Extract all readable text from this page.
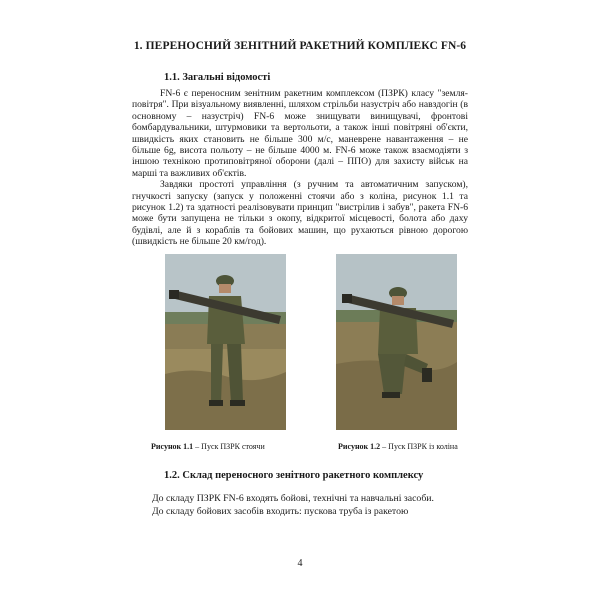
1. ПЕРЕНОСНИЙ ЗЕНІТНИЙ РАКЕТНИЙ КОМПЛЕКС FN-6
1.1. Загальні відомості

FN-6 є переносним зенітним ракетним комплексом (ПЗРК) класу "земля-повітря". При візуальному виявленні, шляхом стрільби назустріч або навздогін (в основному – назустріч) FN-6 може знищувати винищувачі, фронтові бомбардувальники, штурмовики та вертольоти, а також інші повітряні об'єкти, швидкість яких становить не більше 300 м/с, маневрене навантаження – не більше 6g, висота польоту – не більше 4000 м. FN-6 може також взаємодіяти з іншою технікою протиповітряної оборони (далі – ППО) для захисту військ на марші та важливих об'єктів.

Завдяки простоті управління (з ручним та автоматичним запуском), гнучкості запуску (запуск у положенні стоячи або з коліна, рисунок 1.1 та рисунок 1.2) та здатності реалізовувати принцип "вистрілив і забув", ракета FN-6 може бути запущена не тільки з окопу, відкритої місцевості, болота або даху будівлі, але й з кораблів та бойових машин, що рухаються рівною дорогою (швидкість не більше 20 км/год).

Рисунок 1.1 – Пуск ПЗРК стоячи	Рисунок 1.2 – Пуск ПЗРК із коліна
1.2. Склад переносного зенітного ракетного комплексу

До складу ПЗРК FN-6 входять бойові, технічні та навчальні засоби.

До складу бойових засобів входить: пускова труба із ракетою

4
